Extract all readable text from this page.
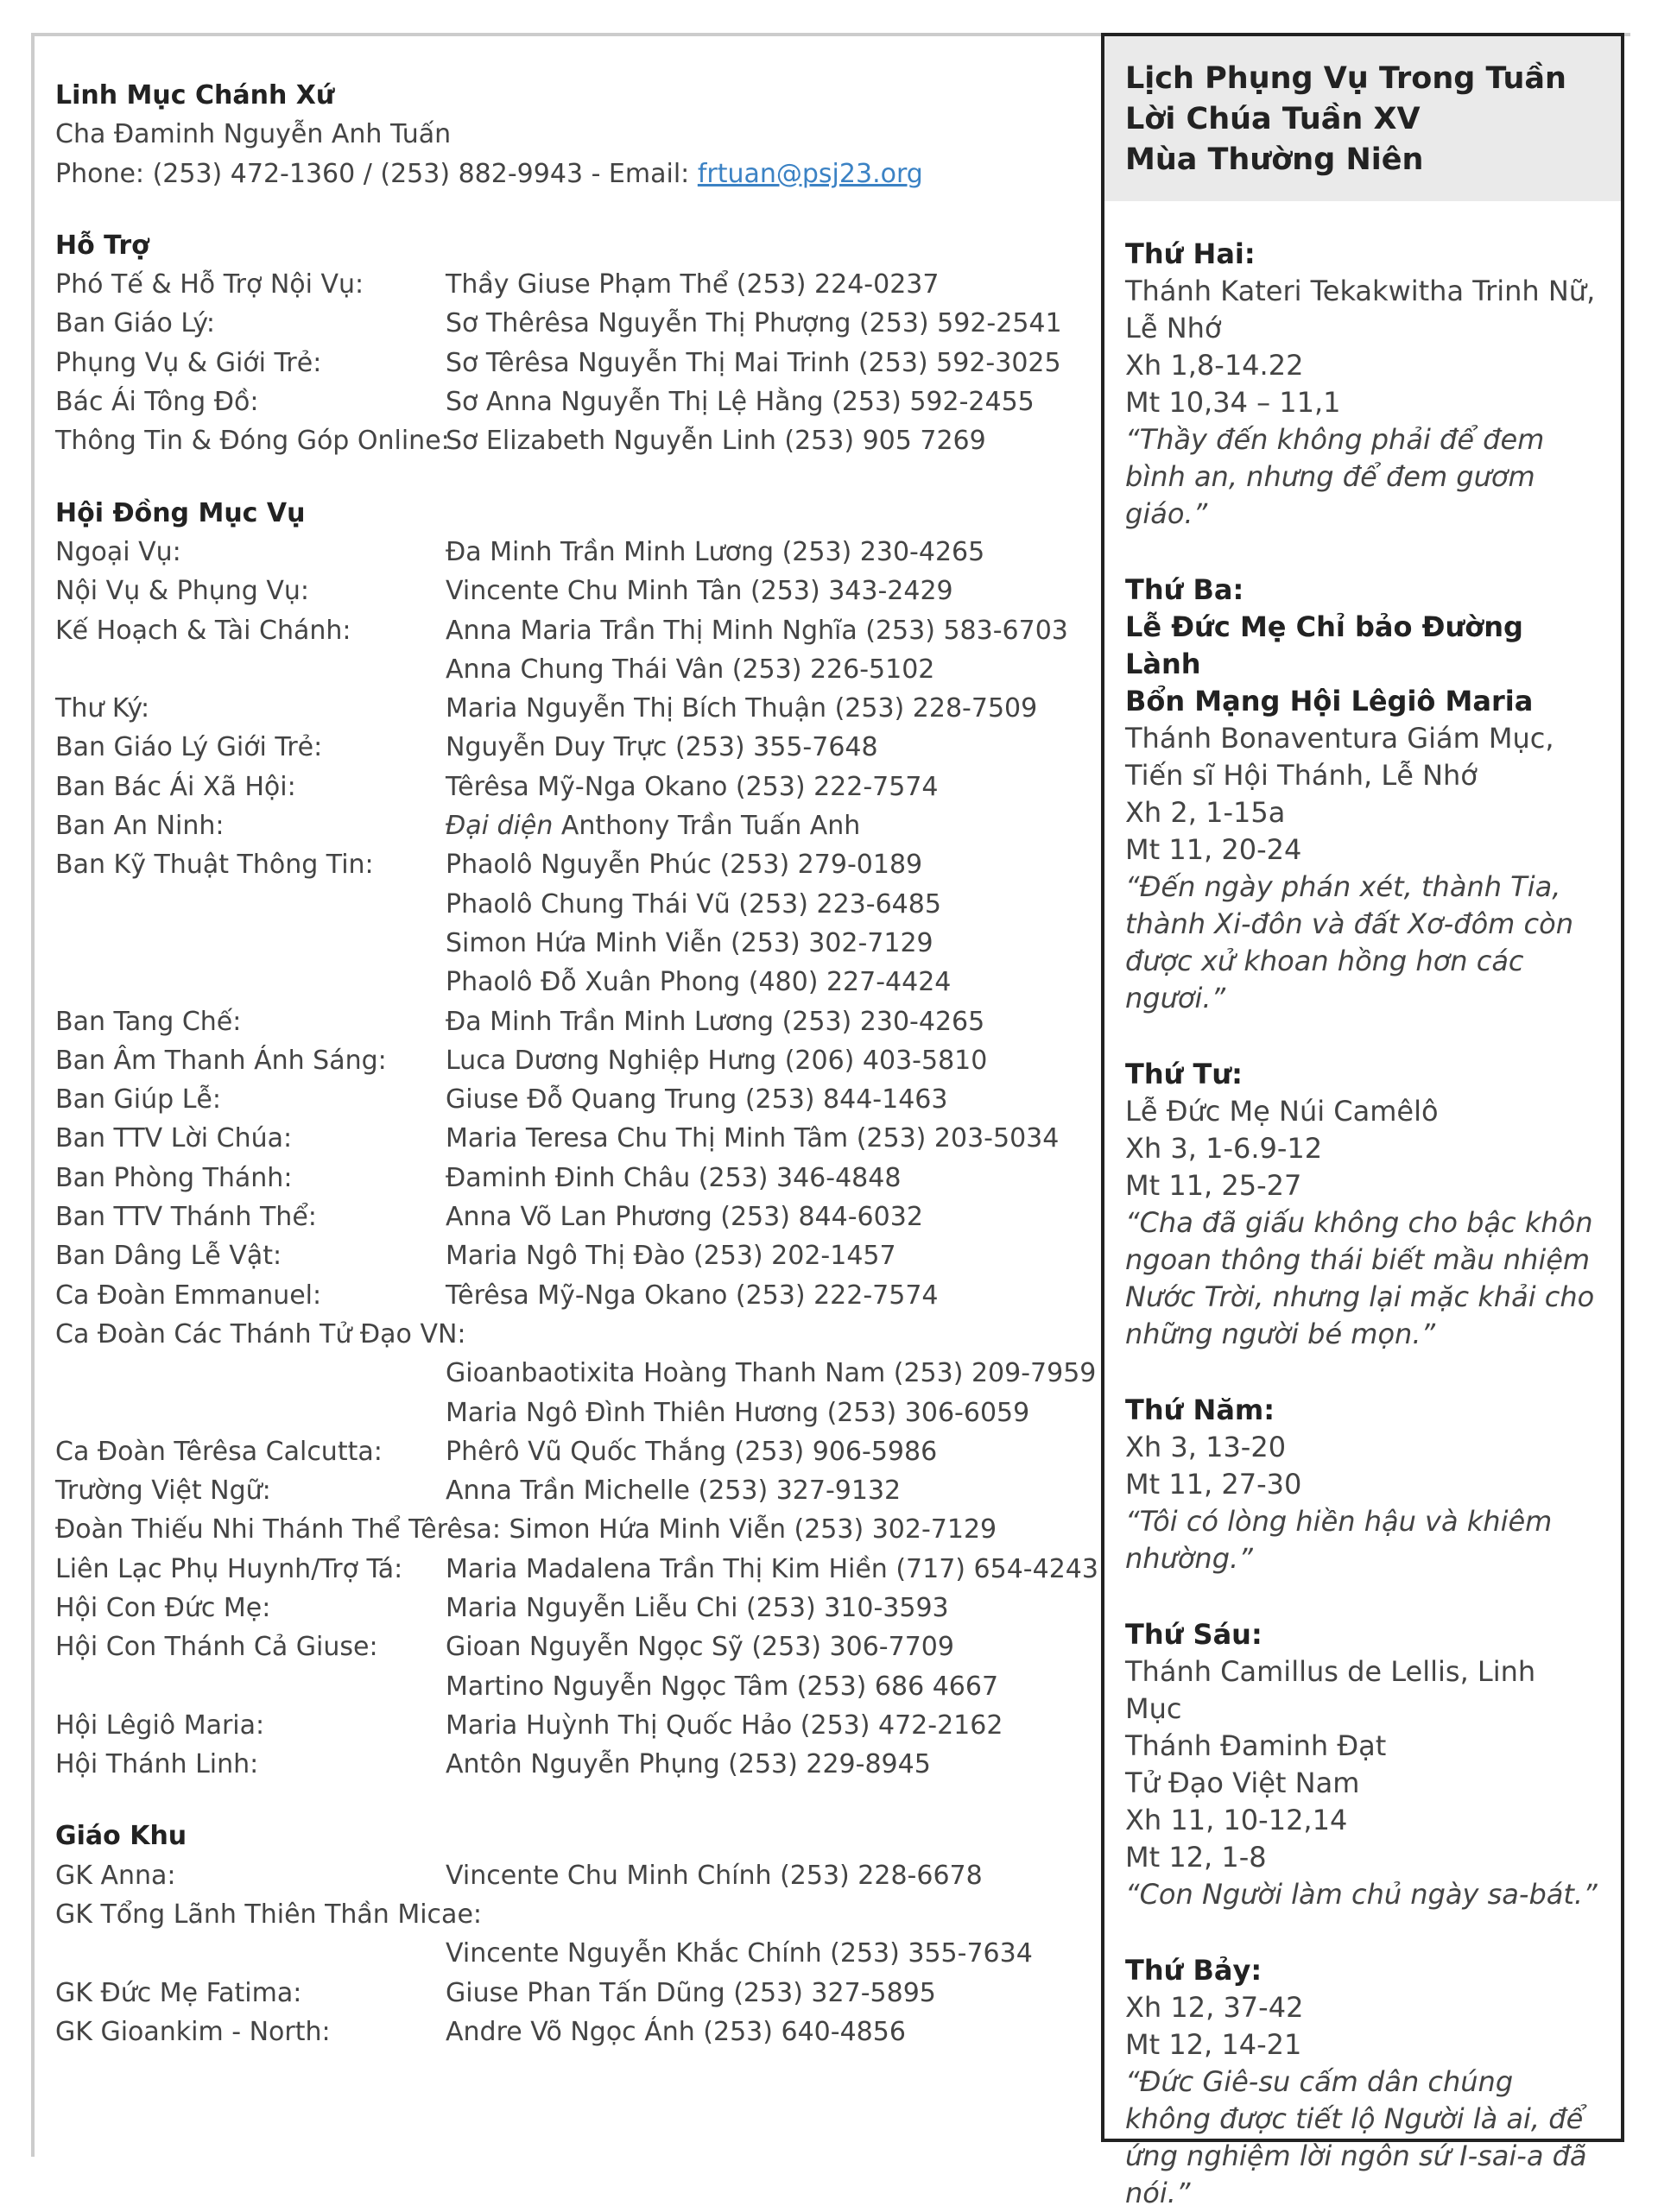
Linh Mục Chánh Xứ
Cha Đaminh Nguyễn Anh Tuấn
Phone: (253) 472-1360 / (253) 882-9943 - Email: frtuan@psj23.org
Hỗ Trợ
Phó Tế & Hỗ Trợ Nội Vụ:	Thầy Giuse Phạm Thể (253) 224-0237
Ban Giáo Lý:	Sơ Thêrêsa Nguyễn Thị Phượng (253) 592-2541
Phụng Vụ & Giới Trẻ:	Sơ Têrêsa Nguyễn Thị Mai Trinh (253) 592-3025
Bác Ái Tông Đồ:	Sơ Anna Nguyễn Thị Lệ Hằng (253) 592-2455
Thông Tin & Đóng Góp Online:
Sơ Elizabeth Nguyễn Linh (253) 905 7269
Hội Đồng Mục Vụ
Ngoại Vụ:	Đa Minh Trần Minh Lương (253) 230-4265
Nội Vụ & Phụng Vụ:	Vincente Chu Minh Tân (253) 343-2429
Kế Hoạch & Tài Chánh:	Anna Maria Trần Thị Minh Nghĩa (253) 583-6703
Anna Chung Thái Vân (253) 226-5102
Thư Ký:	Maria Nguyễn Thị Bích Thuận (253) 228-7509
Ban Giáo Lý Giới Trẻ:	Nguyễn Duy Trực (253) 355-7648
Ban Bác Ái Xã Hội:	Têrêsa Mỹ-Nga Okano (253) 222-7574
Ban An Ninh:	Đại diện Anthony Trần Tuấn Anh
Ban Kỹ Thuật Thông Tin:	Phaolô Nguyễn Phúc (253) 279-0189
Phaolô Chung Thái Vũ (253) 223-6485
Simon Hứa Minh Viễn (253) 302-7129
Phaolô Đỗ Xuân Phong (480) 227-4424
Ban Tang Chế:	Đa Minh Trần Minh Lương (253) 230-4265
Ban Âm Thanh Ánh Sáng:	Luca Dương Nghiệp Hưng (206) 403-5810
Ban Giúp Lễ:	Giuse Đỗ Quang Trung (253) 844-1463
Ban TTV Lời Chúa:	Maria Teresa Chu Thị Minh Tâm (253) 203-5034
Ban Phòng Thánh:	Đaminh Đinh Châu (253) 346-4848
Ban TTV Thánh Thể:	Anna Võ Lan Phương (253) 844-6032
Ban Dâng Lễ Vật:	Maria Ngô Thị Đào (253) 202-1457
Ca Đoàn Emmanuel:	Têrêsa Mỹ-Nga Okano (253) 222-7574
Ca Đoàn Các Thánh Tử Đạo VN:
Gioanbaotixita Hoàng Thanh Nam (253) 209-7959
Maria Ngô Đình Thiên Hương (253) 306-6059
Ca Đoàn Têrêsa Calcutta:	Phêrô Vũ Quốc Thắng (253) 906-5986
Trường Việt Ngữ:	Anna Trần Michelle (253) 327-9132
Đoàn Thiếu Nhi Thánh Thể Têrêsa: Simon Hứa Minh Viễn (253) 302-7129
Liên Lạc Phụ Huynh/Trợ Tá:	Maria Madalena Trần Thị Kim Hiền (717) 654-4243
Hội Con Đức Mẹ:	Maria Nguyễn Liễu Chi (253) 310-3593
Hội Con Thánh Cả Giuse:	Gioan Nguyễn Ngọc Sỹ (253) 306-7709
Martino Nguyễn Ngọc Tâm (253) 686 4667
Hội Lêgiô Maria:	Maria Huỳnh Thị Quốc Hảo (253) 472-2162
Hội Thánh Linh:	Antôn Nguyễn Phụng (253) 229-8945
Giáo Khu
GK Anna:	Vincente Chu Minh Chính (253) 228-6678
GK Tổng Lãnh Thiên Thần Micae:
Vincente Nguyễn Khắc Chính (253) 355-7634
GK Đức Mẹ Fatima:	Giuse Phan Tấn Dũng (253) 327-5895
GK Gioankim - North:	Andre Võ Ngọc Ánh (253) 640-4856
Lịch Phụng Vụ Trong Tuần
Lời Chúa Tuần XV
Mùa Thường Niên
Thứ Hai:
Thánh Kateri Tekakwitha Trinh Nữ,
Lễ Nhớ
Xh 1,8-14.22
Mt 10,34 – 11,1
“Thầy đến không phải để đem bình an, nhưng để đem gươm giáo.”
Thứ Ba:
Lễ Đức Mẹ Chỉ bảo Đường Lành
Bổn Mạng Hội Lêgiô Maria
Thánh Bonaventura Giám Mục,
Tiến sĩ Hội Thánh, Lễ Nhớ
Xh 2, 1-15a
Mt 11, 20-24
“Đến ngày phán xét, thành Tia, thành Xi-đôn và đất Xơ-đôm còn được xử khoan hồng hơn các ngươi.”
Thứ Tư:
Lễ Đức Mẹ Núi Camêlô
Xh 3, 1-6.9-12
Mt 11, 25-27
“Cha đã giấu không cho bậc khôn ngoan thông thái biết mầu nhiệm Nước Trời, nhưng lại mặc khải cho những người bé mọn.”
Thứ Năm:
Xh 3, 13-20
Mt 11, 27-30
“Tôi có lòng hiền hậu và khiêm nhường.”
Thứ Sáu:
Thánh Camillus de Lellis, Linh Mục
Thánh Đaminh Đạt
Tử Đạo Việt Nam
Xh 11, 10-12,14
Mt 12, 1-8
“Con Người làm chủ ngày sa-bát.”
Thứ Bảy:
Xh 12, 37-42
Mt 12, 14-21
“Đức Giê-su cấm dân chúng không được tiết lộ Người là ai, để ứng nghiệm lời ngôn sứ I-sai-a đã nói.”
